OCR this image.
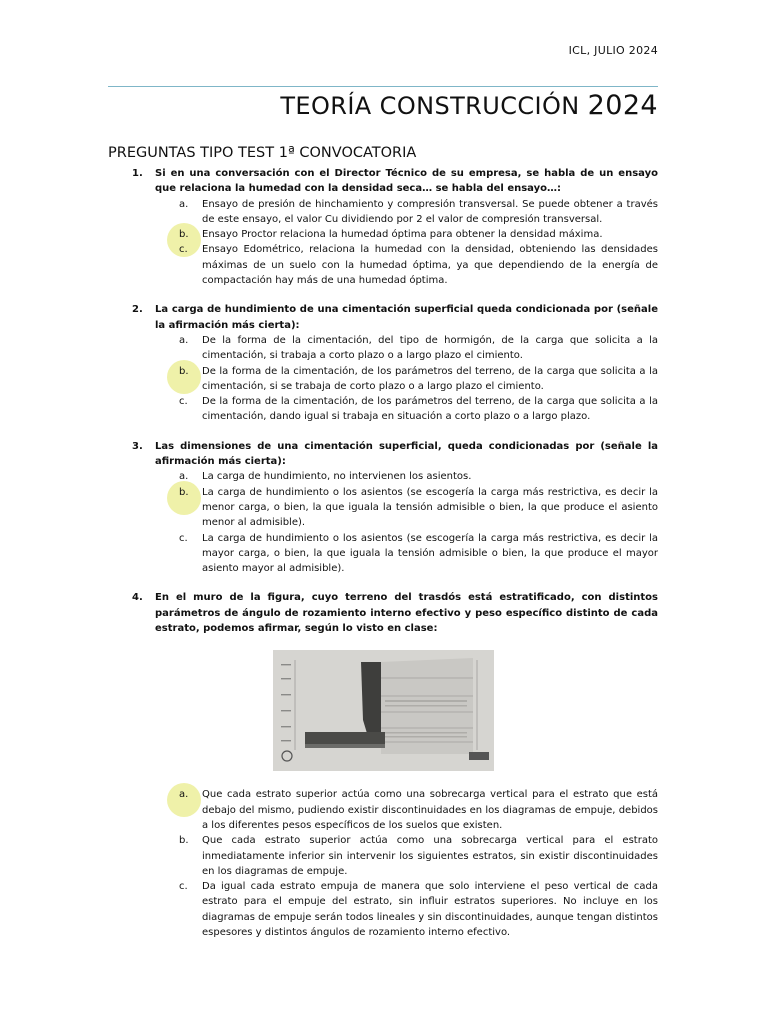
ICL, JULIO 2024
TEORÍA CONSTRUCCIÓN 2024
PREGUNTAS TIPO TEST 1ª CONVOCATORIA
1.	Si en una conversación con el Director Técnico de su empresa, se habla de un ensayo que relaciona la humedad con la densidad seca… se habla del ensayo…:
a.	Ensayo de presión de hinchamiento y compresión transversal. Se puede obtener a través de este ensayo, el valor Cu dividiendo por 2 el valor de compresión transversal.
b.	Ensayo Proctor relaciona la humedad óptima para obtener la densidad máxima.
c.	Ensayo Edométrico, relaciona la humedad con la densidad, obteniendo las densidades máximas de un suelo con la humedad óptima, ya que dependiendo de la energía de compactación hay más de una humedad óptima.
2.	La carga de hundimiento de una cimentación superficial queda condicionada por (señale la afirmación más cierta):
a.	De la forma de la cimentación, del tipo de hormigón, de la carga que solicita a la cimentación, si trabaja a corto plazo o a largo plazo el cimiento.
b.	De la forma de la cimentación, de los parámetros del terreno, de la carga que solicita a la cimentación, si se trabaja de corto plazo o a largo plazo el cimiento.
c.	De la forma de la cimentación, de los parámetros del terreno, de la carga que solicita a la cimentación, dando igual si trabaja en situación a corto plazo o a largo plazo.
3.	Las dimensiones de una cimentación superficial, queda condicionadas por (señale la afirmación más cierta):
a.	La carga de hundimiento, no intervienen los asientos.
b.	La carga de hundimiento o los asientos (se escogería la carga más restrictiva, es decir la menor carga, o bien, la que iguala la tensión admisible o bien, la que produce el asiento menor al admisible).
c.	La carga de hundimiento o los asientos (se escogería la carga más restrictiva, es decir la mayor carga, o bien, la que iguala la tensión admisible o bien, la que produce el mayor asiento mayor al admisible).
4.	En el muro de la figura, cuyo terreno del trasdós está estratificado, con distintos parámetros de ángulo de rozamiento interno efectivo y peso específico distinto de cada estrato, podemos afirmar, según lo visto en clase:
a.	Que cada estrato superior actúa como una sobrecarga vertical para el estrato que está debajo del mismo, pudiendo existir discontinuidades en los diagramas de empuje, debidos a los diferentes pesos específicos de los suelos que existen.
b.	Que cada estrato superior actúa como una sobrecarga vertical para el estrato inmediatamente inferior sin intervenir los siguientes estratos, sin existir discontinuidades en los diagramas de empuje.
c.	Da igual cada estrato empuja de manera que solo interviene el peso vertical de cada estrato para el empuje del estrato, sin influir estratos superiores. No incluye en los diagramas de empuje serán todos lineales y sin discontinuidades, aunque tengan distintos espesores y distintos ángulos de rozamiento interno efectivo.
